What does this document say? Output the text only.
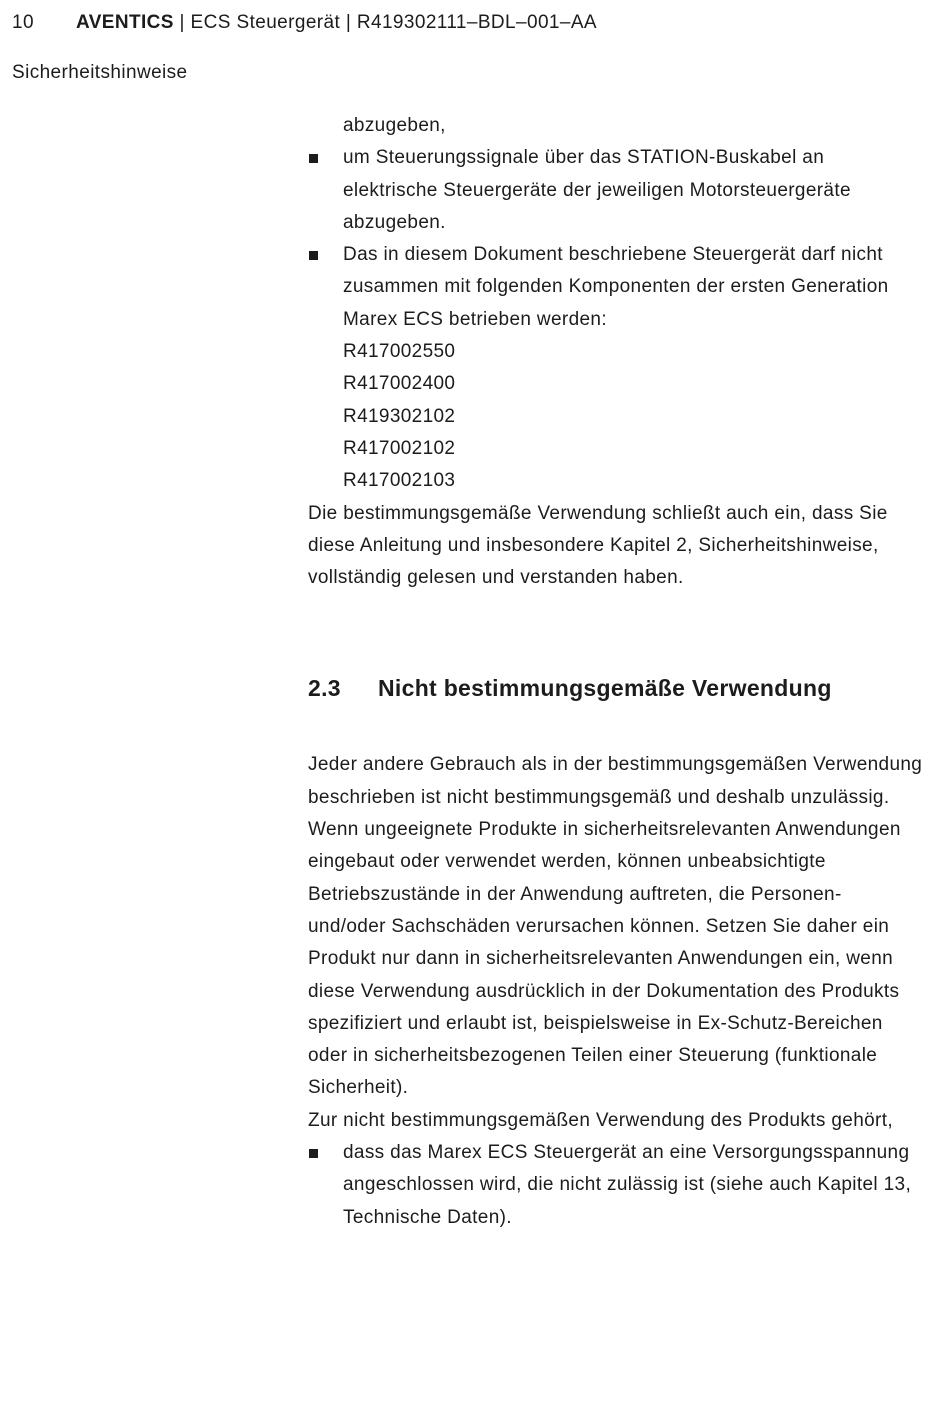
10 AVENTICS | ECS Steuergerät | R419302111–BDL–001–AA
Sicherheitshinweise
abzugeben,
um Steuerungssignale über das STATION-Buskabel an elektrische Steuergeräte der jeweiligen Motorsteuergeräte abzugeben.
Das in diesem Dokument beschriebene Steuergerät darf nicht zusammen mit folgenden Komponenten der ersten Generation Marex ECS betrieben werden:
R417002550
R417002400
R419302102
R417002102
R417002103

Die bestimmungsgemäße Verwendung schließt auch ein, dass Sie diese Anleitung und insbesondere Kapitel 2, Sicherheitshinweise, vollständig gelesen und verstanden haben.

2.3 Nicht bestimmungsgemäße Verwendung

Jeder andere Gebrauch als in der bestimmungsgemäßen Verwendung beschrieben ist nicht bestimmungsgemäß und deshalb unzulässig.

Wenn ungeeignete Produkte in sicherheitsrelevanten Anwendungen eingebaut oder verwendet werden, können unbeabsichtigte Betriebszustände in der Anwendung auftreten, die Personen- und/oder Sachschäden verursachen können. Setzen Sie daher ein Produkt nur dann in sicherheitsrelevanten Anwendungen ein, wenn diese Verwendung ausdrücklich in der Dokumentation des Produkts spezifiziert und erlaubt ist, beispielsweise in Ex-Schutz-Bereichen oder in sicherheitsbezogenen Teilen einer Steuerung (funktionale Sicherheit).

Zur nicht bestimmungsgemäßen Verwendung des Produkts gehört,

dass das Marex ECS Steuergerät an eine Versorgungsspannung angeschlossen wird, die nicht zulässig ist (siehe auch Kapitel 13, Technische Daten).
